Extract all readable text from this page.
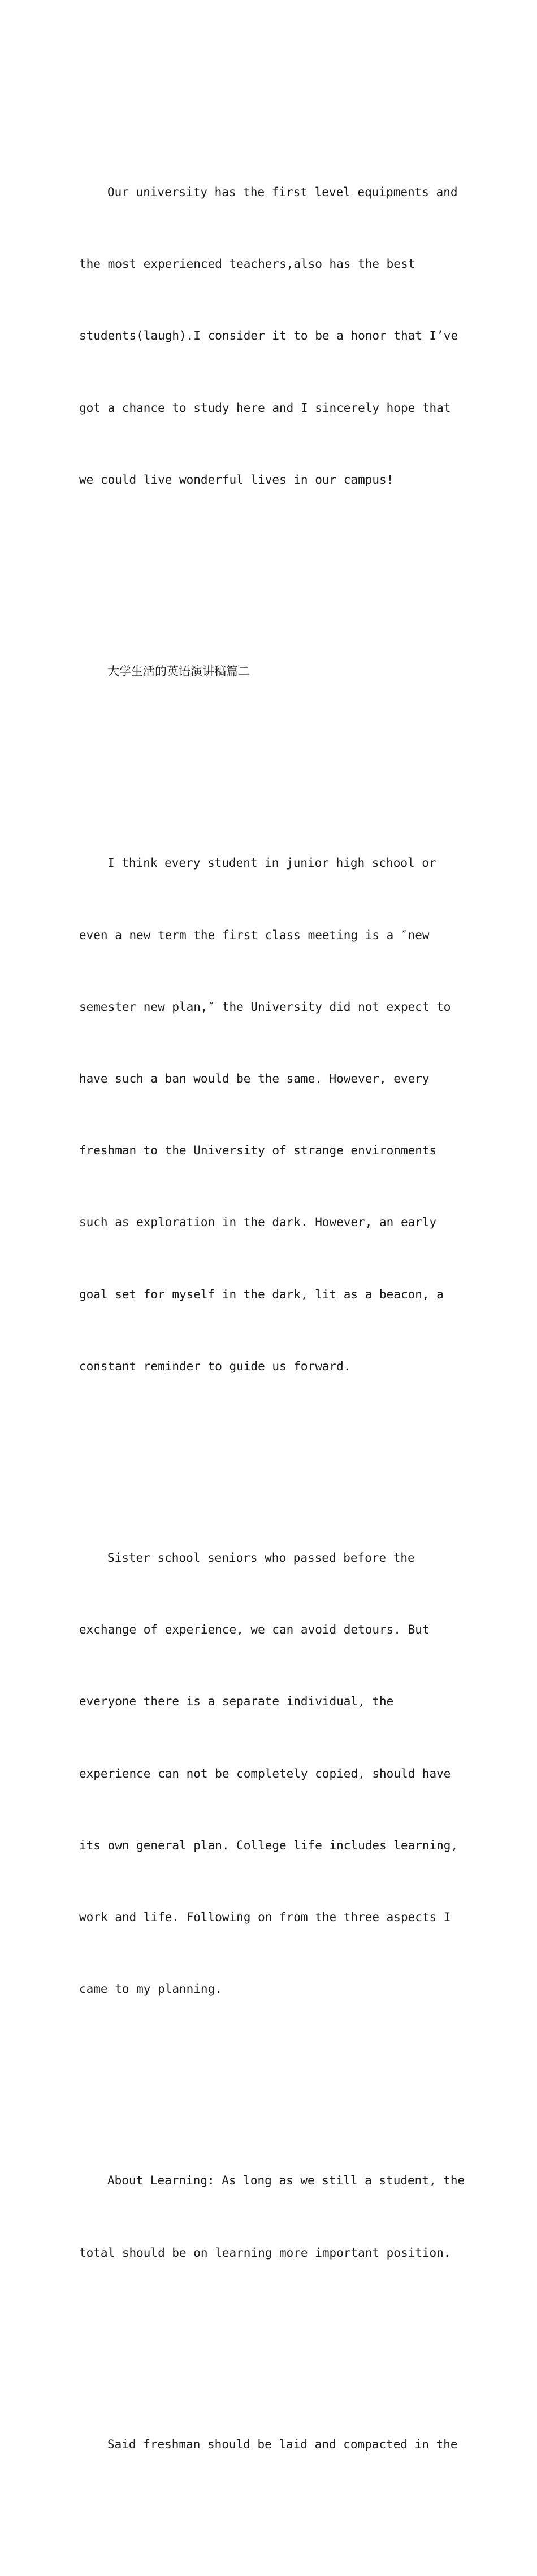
Our university has the first level equipments and

the most experienced teachers,also has the best

students(laugh).I consider it to be a honor that I’ve

got a chance to study here and I sincerely hope that

we could live wonderful lives in our campus!

大学生活的英语演讲稿篇二

I think every student in junior high school or

even a new term the first class meeting is a ″new

semester new plan,″ the University did not expect to

have such a ban would be the same. However, every

freshman to the University of strange environments

such as exploration in the dark. However, an early

goal set for myself in the dark, lit as a beacon, a

constant reminder to guide us forward.

Sister school seniors who passed before the

exchange of experience, we can avoid detours. But

everyone there is a separate individual, the

experience can not be completely copied, should have

its own general plan. College life includes learning,

work and life. Following on from the three aspects I

came to my planning.

About Learning: As long as we still a student, the

total should be on learning more important position.

Said freshman should be laid and compacted in the
